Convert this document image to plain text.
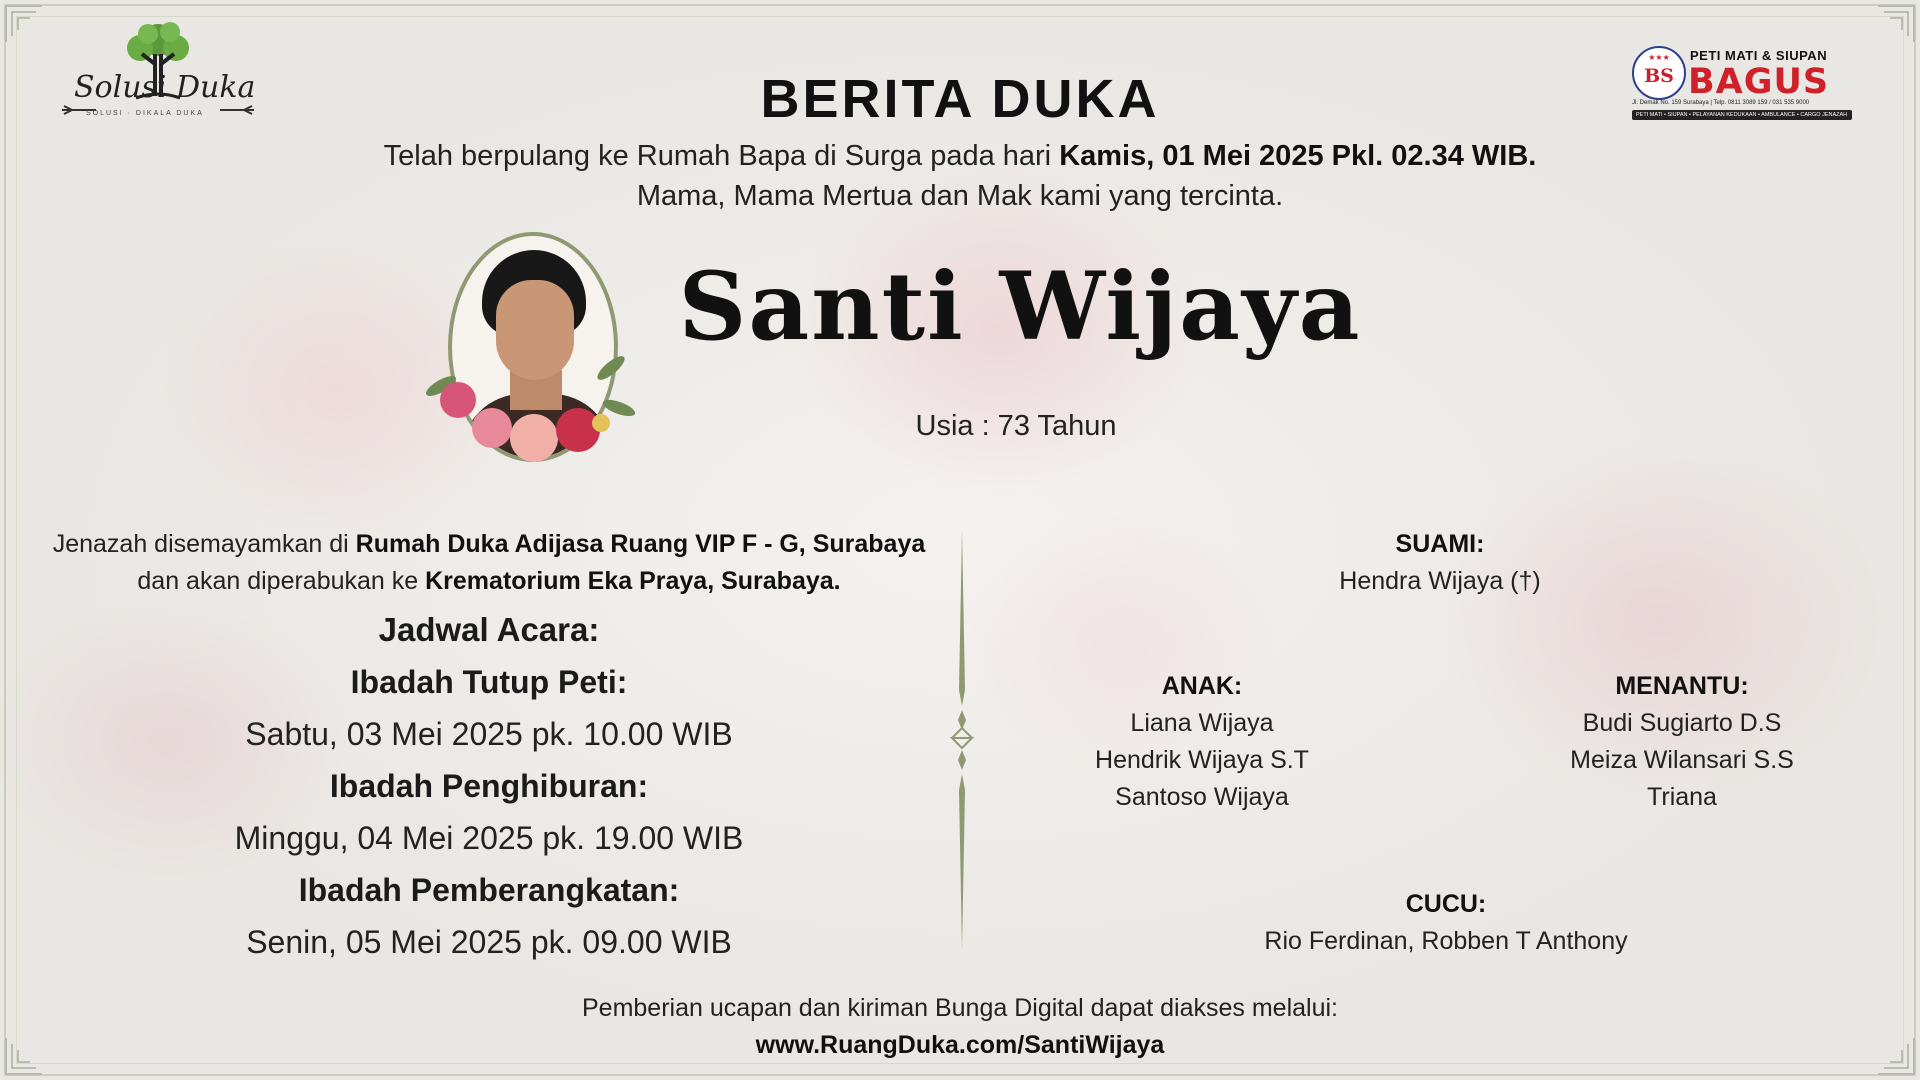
Solusi Duka
SOLUSI · DIKALA DUKA
★★★
BS
PETI MATI & SIUPAN
BAGUS
Jl. Demak No. 159 Surabaya | Telp. 0811 3089 159 / 031 535 9000
PETI MATI • SIUPAN • PELAYANAN KEDUKAAN • AMBULANCE • CARGO JENAZAH
BERITA DUKA
Telah berpulang ke Rumah Bapa di Surga pada hari Kamis, 01 Mei 2025 Pkl. 02.34 WIB.
Mama, Mama Mertua dan Mak kami yang tercinta.
Santi Wijaya
Usia : 73 Tahun
Jenazah disemayamkan di Rumah Duka Adijasa Ruang VIP F - G, Surabaya
dan akan diperabukan ke Krematorium Eka Praya, Surabaya.
Jadwal Acara:
Ibadah Tutup Peti:
Sabtu, 03 Mei 2025 pk. 10.00 WIB
Ibadah Penghiburan:
Minggu, 04 Mei 2025 pk. 19.00 WIB
Ibadah Pemberangkatan:
Senin, 05 Mei 2025 pk. 09.00 WIB
SUAMI:
Hendra Wijaya (†)
ANAK:
Liana Wijaya
Hendrik Wijaya S.T
Santoso Wijaya
MENANTU:
Budi Sugiarto D.S
Meiza Wilansari S.S
Triana
CUCU:
Rio Ferdinan, Robben T Anthony
Pemberian ucapan dan kiriman Bunga Digital dapat diakses melalui:
www.RuangDuka.com/SantiWijaya
